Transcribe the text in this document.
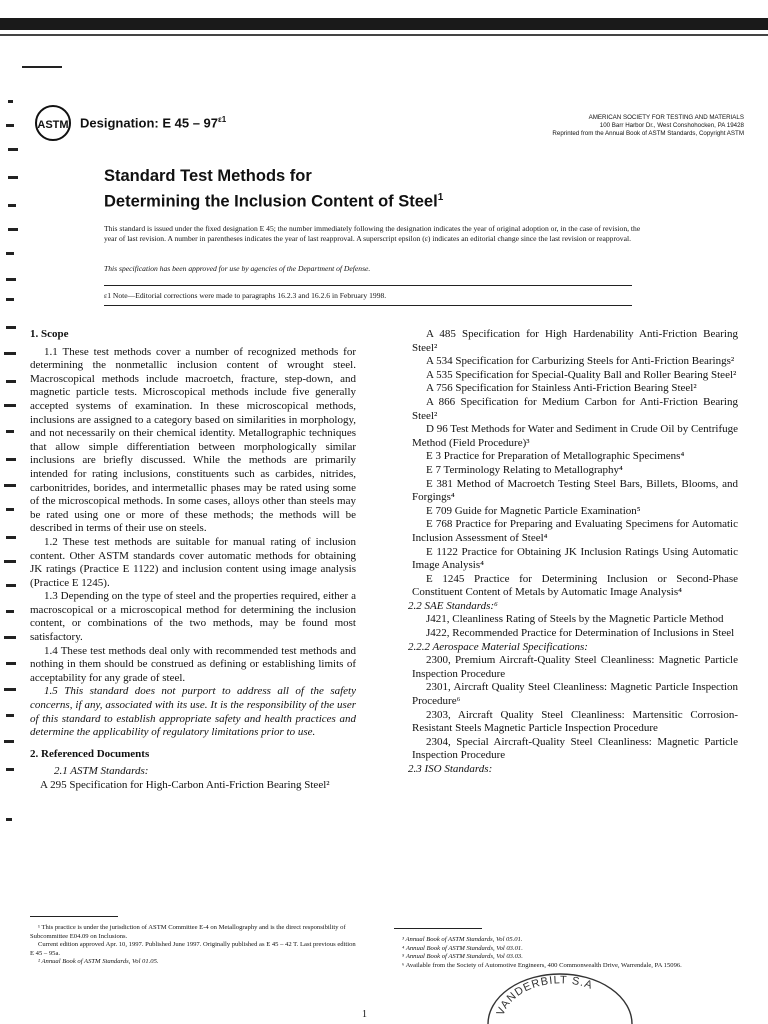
ASTM Designation: E $45 - 97^{\varepsilon 1}$	AMERICAN SOCIETY FOR TESTING AND MATERIALS
100 Barr Harbor Dr., West Conshohocken, PA 19428
Reprinted from the Annual Book of ASTM Standards, Copyright ASTM
Standard Test Methods for
Determining the Inclusion Content of Steel$^1$
This standard is issued under the fixed designation E 45; the number immediately following the designation indicates the year of original adoption or, in the case of revision, the year of last revision. A number in parentheses indicates the year of last reapproval. A superscript epsilon (ε) indicates an editorial change since the last revision or reapproval.
This specification has been approved for use by agencies of the Department of Defense.
ε1 Note—Editorial corrections were made to paragraphs 16.2.3 and 16.2.6 in February 1998.
1. Scope

1.1 These test methods cover a number of recognized methods for determining the nonmetallic inclusion content of wrought steel. Macroscopical methods include macroetch, fracture, step-down, and magnetic particle tests. Microscopical methods include five generally accepted systems of examination. In these microscopical methods, inclusions are assigned to a category based on similarities in morphology, and not necessarily on their chemical identity. Metallographic techniques that allow simple differentiation between morphologically similar inclusions are briefly discussed. While the methods are primarily intended for rating inclusions, constituents such as carbides, nitrides, carbonitrides, borides, and intermetallic phases may be rated using some of the microscopical methods. In some cases, alloys other than steels may be rated using one or more of these methods; the methods will be described in terms of their use on steels.

1.2 These test methods are suitable for manual rating of inclusion content. Other ASTM standards cover automatic methods for obtaining JK ratings (Practice E 1122) and inclusion content using image analysis (Practice E 1245).

1.3 Depending on the type of steel and the properties required, either a macroscopical or a microscopical method for determining the inclusion content, or combinations of the two methods, may be found most satisfactory.

1.4 These test methods deal only with recommended test methods and nothing in them should be construed as defining or establishing limits of acceptability for any grade of steel.

1.5 This standard does not purport to address all of the safety concerns, if any, associated with its use. It is the responsibility of the user of this standard to establish appropriate safety and health practices and determine the applicability of regulatory limitations prior to use.

2. Referenced Documents

2.1 ASTM Standards:

A 295 Specification for High-Carbon Anti-Friction Bearing Steel²

A 485 Specification for High Hardenability Anti-Friction Bearing Steel²

A 534 Specification for Carburizing Steels for Anti-Friction Bearings²

A 535 Specification for Special-Quality Ball and Roller Bearing Steel²

A 756 Specification for Stainless Anti-Friction Bearing Steel²

A 866 Specification for Medium Carbon for Anti-Friction Bearing Steel²

D 96 Test Methods for Water and Sediment in Crude Oil by Centrifuge Method (Field Procedure)³

E 3 Practice for Preparation of Metallographic Specimens⁴

E 7 Terminology Relating to Metallography⁴

E 381 Method of Macroetch Testing Steel Bars, Billets, Blooms, and Forgings⁴

E 709 Guide for Magnetic Particle Examination⁵

E 768 Practice for Preparing and Evaluating Specimens for Automatic Inclusion Assessment of Steel⁴

E 1122 Practice for Obtaining JK Inclusion Ratings Using Automatic Image Analysis⁴

E 1245 Practice for Determining Inclusion or Second-Phase Constituent Content of Metals by Automatic Image Analysis⁴

2.2 SAE Standards:⁶

J421, Cleanliness Rating of Steels by the Magnetic Particle Method

J422, Recommended Practice for Determination of Inclusions in Steel

2.2.2 Aerospace Material Specifications:

2300, Premium Aircraft-Quality Steel Cleanliness: Magnetic Particle Inspection Procedure

2301, Aircraft Quality Steel Cleanliness: Magnetic Particle Inspection Procedure⁶

2303, Aircraft Quality Steel Cleanliness: Martensitic Corrosion-Resistant Steels Magnetic Particle Inspection Procedure

2304, Special Aircraft-Quality Steel Cleanliness: Magnetic Particle Inspection Procedure

2.3 ISO Standards:

¹ This practice is under the jurisdiction of ASTM Committee E-4 on Metallography and is the direct responsibility of Subcommittee E04.09 on Inclusions.

Current edition approved Apr. 10, 1997. Published June 1997. Originally published as E 45 – 42 T. Last previous edition E 45 – 95a.

² Annual Book of ASTM Standards, Vol 01.05.

³ Annual Book of ASTM Standards, Vol 05.01.

⁴ Annual Book of ASTM Standards, Vol 03.01.

⁵ Annual Book of ASTM Standards, Vol 03.03.

⁶ Available from the Society of Automotive Engineers, 400 Commonwealth Drive, Warrendale, PA 15096.

1	VANDERBILT S.A
